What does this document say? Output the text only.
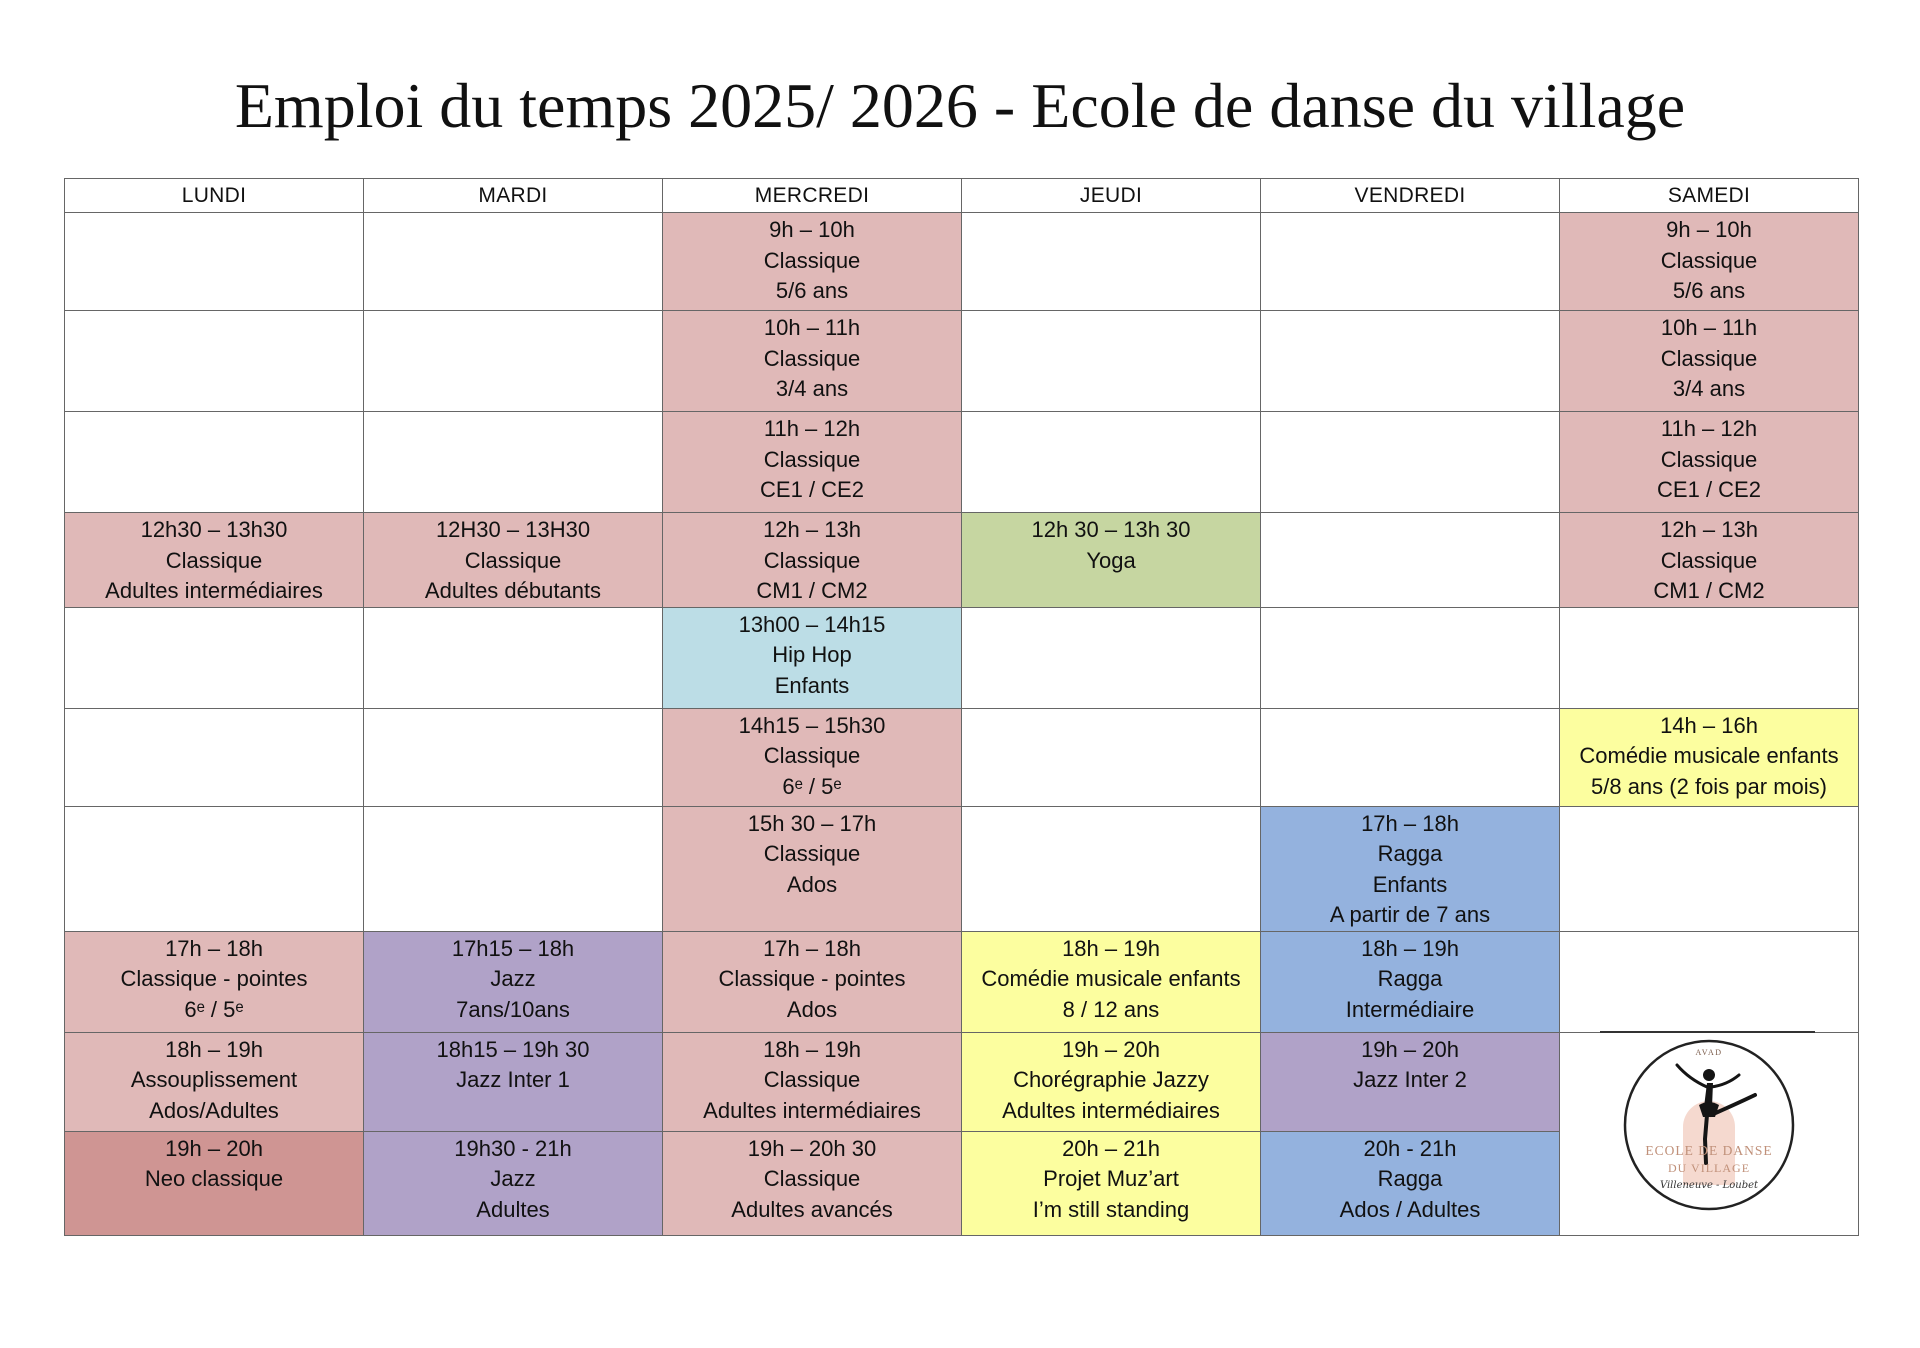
Emploi du temps 2025/ 2026 - Ecole de danse du village
LUNDI	MARDI	MERCREDI	JEUDI	VENDREDI	SAMEDI

		9h – 10h
Classique
5/6 ans			9h – 10h
Classique
5/6 ans

		10h – 11h
Classique
3/4 ans			10h – 11h
Classique
3/4 ans

		11h – 12h
Classique
CE1 / CE2			11h – 12h
Classique
CE1 / CE2

12h30 – 13h30
Classique
Adultes intermédiaires	12H30 – 13H30
Classique
Adultes débutants	12h – 13h
Classique
CM1 / CM2	12h 30 – 13h 30
Yoga		12h – 13h
Classique
CM1 / CM2

		13h00 – 14h15
Hip Hop
Enfants			

		14h15 – 15h30
Classique
6ᵉ / 5ᵉ			14h – 16h
Comédie musicale enfants
5/8 ans (2 fois par mois)

		15h 30 – 17h
Classique
Ados		17h – 18h
Ragga
Enfants
A partir de 7 ans	

17h – 18h
Classique - pointes
6ᵉ / 5ᵉ	17h15 – 18h
Jazz
7ans/10ans	17h – 18h
Classique - pointes
Ados	18h – 19h
Comédie musicale enfants
8 / 12 ans	18h – 19h
Ragga
Intermédiaire	

18h – 19h
Assouplissement
Ados/Adultes	18h15 – 19h 30
Jazz Inter 1	18h – 19h
Classique
Adultes intermédiaires	19h – 20h
Chorégraphie Jazzy
Adultes intermédiaires	19h – 20h
Jazz Inter 2	AVAD
ECOLE DE DANSE
DU VILLAGE
Villeneuve - Loubet

19h – 20h
Neo classique	19h30 - 21h
Jazz
Adultes	19h – 20h 30
Classique
Adultes avancés	20h – 21h
Projet Muz’art
I’m still standing	20h - 21h
Ragga
Ados / Adultes	
